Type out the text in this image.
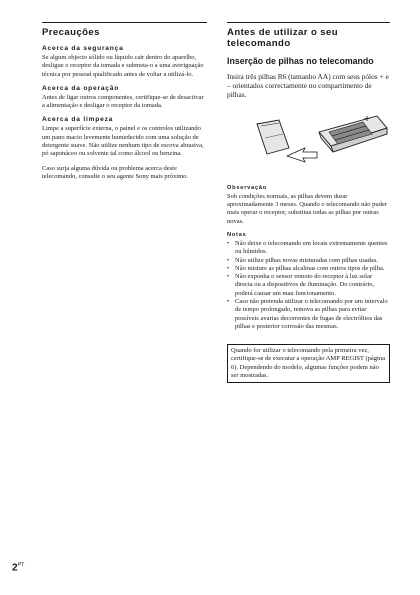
Precauções
Acerca da segurança

Se algum objecto sólido ou líquido cair dentro do aparelho, desligue o receptor da tomada e submeta-o a uma averiguação técnica por pessoal qualificado antes de voltar a utilizá-lo.

Acerca da operação

Antes de ligar outros componentes, certifique-se de desactivar a alimentação e desligar o receptor da tomada.

Acerca da limpeza

Limpe a superfície externa, o painel e os controlos utilizando um pano macio levemente humedecido com uma solução de detergente suave. Não utilize nenhum tipo de escova abrasiva, pó saponáceo ou solvente tal como álcool ou benzina.

Caso surja alguma dúvida ou problema acerca deste telecomando, consulte o seu agente Sony mais próximo.

Antes de utilizar o seu telecomando
Inserção de pilhas no telecomando

Insira três pilhas R6 (tamanho AA) com seus pólos + e – orientados correctamente no compartimento de pilhas.

Observação

Sob condições normais, as pilhas devem durar aproximadamente 3 meses. Quando o telecomando não puder mais operar o receptor, substitua todas as pilhas por outras novas.

Notas
• Não deixe o telecomando em locais extremamente quentes ou húmidos.
• Não utilize pilhas novas misturadas com pilhas usadas.
• Não misture as pilhas alcalinas com outros tipos de pilha.
• Não exponha o sensor remoto do receptor à luz solar directa ou a dispositivos de iluminação. Do contrário, poderá causar um mau funcionamento.
• Caso não pretenda utilizar o telecomando por um intervalo de tempo prolongado, remova as pilhas para evitar possíveis avarias decorrentes de fugas de electrólitos das pilhas e posterior corrosão das mesmas.
Quando for utilizar o telecomando pela primeira vez, certifique-se de executar a operação AMP REGIST (página 6). Dependendo do modelo, algumas funções podem não ser mostradas.
$2^{PT}$
